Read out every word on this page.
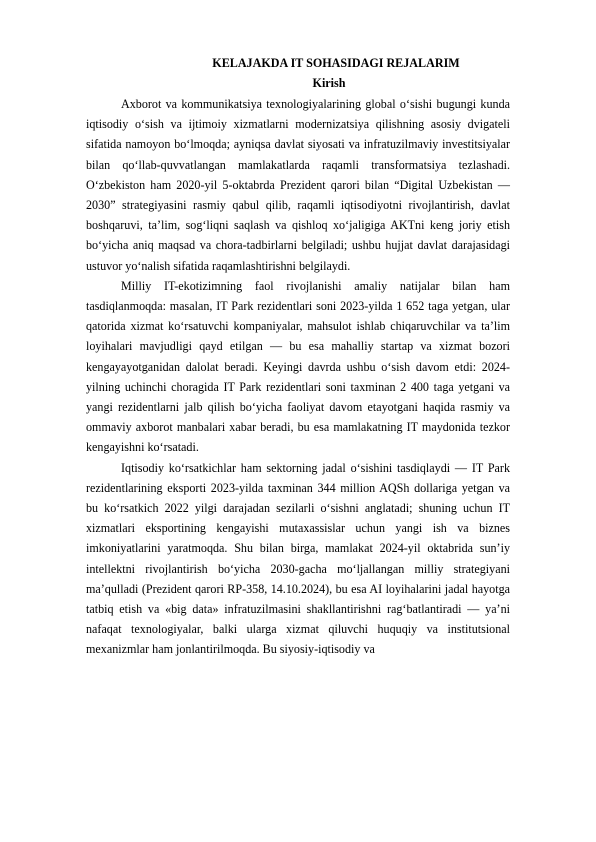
KELAJAKDA IT SOHASIDAGI REJALARIM
Kirish

Axborot va kommunikatsiya texnologiyalarining global oʻsishi bugungi kunda iqtisodiy oʻsish va ijtimoiy xizmatlarni modernizatsiya qilishning asosiy dvigateli sifatida namoyon boʻlmoqda; ayniqsa davlat siyosati va infratuzilmaviy investitsiyalar bilan qoʻllab-quvvatlangan mamlakatlarda raqamli transformatsiya tezlashadi. Oʻzbekiston ham 2020-yil 5-oktabrda Prezident qarori bilan “Digital Uzbekistan — 2030” strategiyasini rasmiy qabul qilib, raqamli iqtisodiyotni rivojlantirish, davlat boshqaruvi, taʼlim, sogʻliqni saqlash va qishloq xoʻjaligiga AKTni keng joriy etish boʻyicha aniq maqsad va chora-tadbirlarni belgiladi; ushbu hujjat davlat darajasidagi ustuvor yoʻnalish sifatida raqamlashtirishni belgilaydi.

Milliy IT-ekotizimning faol rivojlanishi amaliy natijalar bilan ham tasdiqlanmoqda: masalan, IT Park rezidentlari soni 2023-yilda 1 652 taga yetgan, ular qatorida xizmat koʻrsatuvchi kompaniyalar, mahsulot ishlab chiqaruvchilar va taʼlim loyihalari mavjudligi qayd etilgan — bu esa mahalliy startap va xizmat bozori kengayayotganidan dalolat beradi. Keyingi davrda ushbu oʻsish davom etdi: 2024-yilning uchinchi choragida IT Park rezidentlari soni taxminan 2 400 taga yetgani va yangi rezidentlarni jalb qilish boʻyicha faoliyat davom etayotgani haqida rasmiy va ommaviy axborot manbalari xabar beradi, bu esa mamlakatning IT maydonida tezkor kengayishni koʻrsatadi.

Iqtisodiy koʻrsatkichlar ham sektorning jadal oʻsishini tasdiqlaydi — IT Park rezidentlarining eksporti 2023-yilda taxminan 344 million AQSh dollariga yetgan va bu koʻrsatkich 2022 yilgi darajadan sezilarli oʻsishni anglatadi; shuning uchun IT xizmatlari eksportining kengayishi mutaxassislar uchun yangi ish va biznes imkoniyatlarini yaratmoqda. Shu bilan birga, mamlakat 2024-yil oktabrida sunʼiy intellektni rivojlantirish boʻyicha 2030-gacha moʻljallangan milliy strategiyani maʼqulladi (Prezident qarori RP-358, 14.10.2024), bu esa AI loyihalarini jadal hayotga tatbiq etish va «big data» infratuzilmasini shakllantirishni ragʻbatlantiradi — yaʼni nafaqat texnologiyalar, balki ularga xizmat qiluvchi huquqiy va institutsional mexanizmlar ham jonlantirilmoqda. Bu siyosiy-iqtisodiy va
